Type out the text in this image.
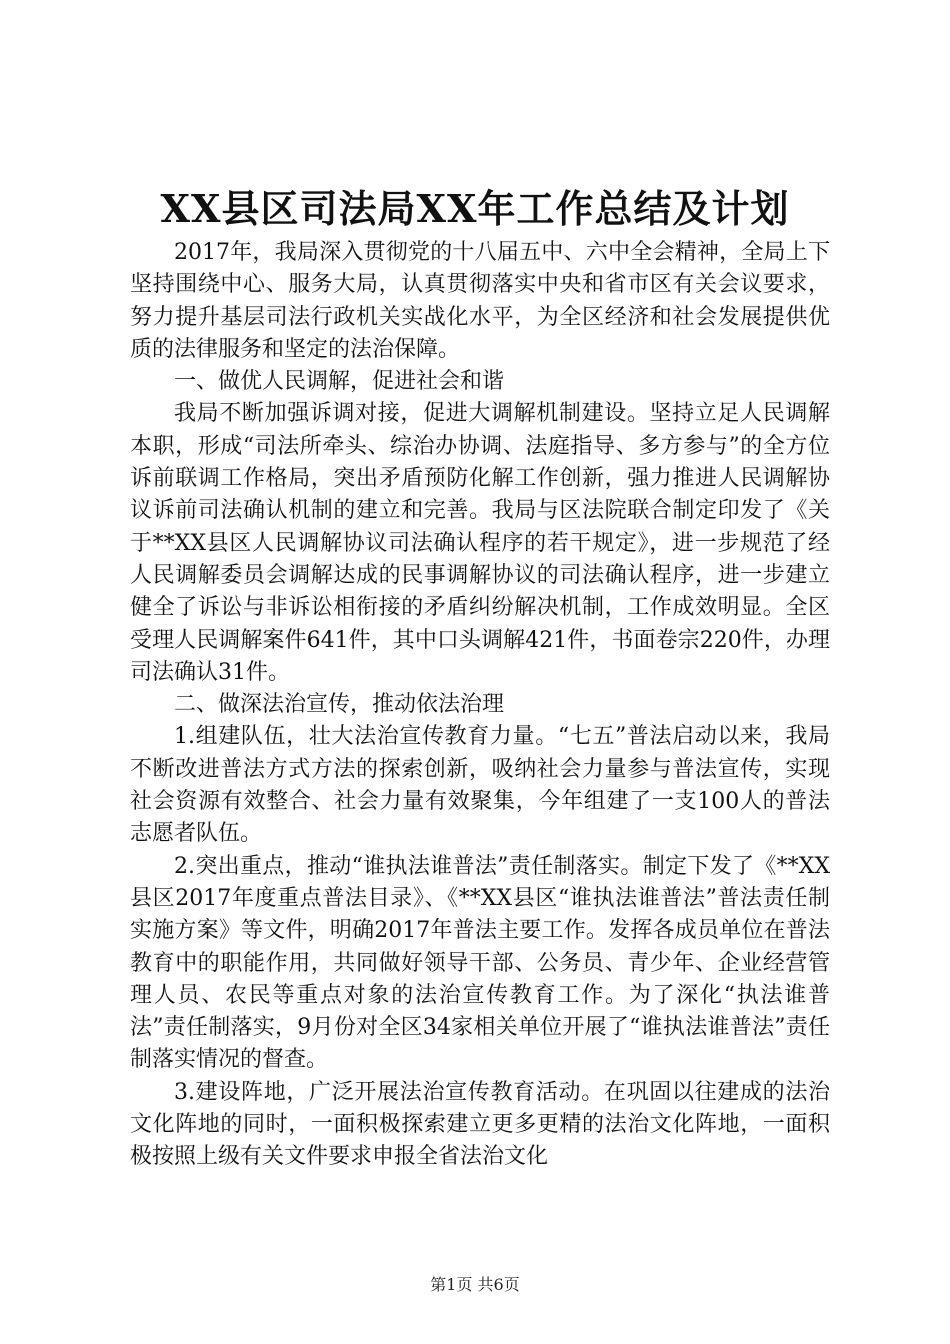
XX县区司法局XX年工作总结及计划

2017年，我局深入贯彻党的十八届五中、六中全会精神，全局上下坚持围绕中心、服务大局，认真贯彻落实中央和省市区有关会议要求，努力提升基层司法行政机关实战化水平，为全区经济和社会发展提供优质的法律服务和坚定的法治保障。

一、做优人民调解，促进社会和谐

我局不断加强诉调对接，促进大调解机制建设。坚持立足人民调解本职，形成“司法所牵头、综治办协调、法庭指导、多方参与”的全方位诉前联调工作格局，突出矛盾预防化解工作创新，强力推进人民调解协议诉前司法确认机制的建立和完善。我局与区法院联合制定印发了《关于**XX县区人民调解协议司法确认程序的若干规定》，进一步规范了经人民调解委员会调解达成的民事调解协议的司法确认程序，进一步建立健全了诉讼与非诉讼相衔接的矛盾纠纷解决机制，工作成效明显。全区受理人民调解案件641件，其中口头调解421件，书面卷宗220件，办理司法确认31件。

二、做深法治宣传，推动依法治理

1.组建队伍，壮大法治宣传教育力量。“七五”普法启动以来，我局不断改进普法方式方法的探索创新，吸纳社会力量参与普法宣传，实现社会资源有效整合、社会力量有效聚集，今年组建了一支100人的普法志愿者队伍。

2.突出重点，推动“谁执法谁普法”责任制落实。制定下发了《**XX县区2017年度重点普法目录》、《**XX县区“谁执法谁普法”普法责任制实施方案》等文件，明确2017年普法主要工作。发挥各成员单位在普法教育中的职能作用，共同做好领导干部、公务员、青少年、企业经营管理人员、农民等重点对象的法治宣传教育工作。为了深化“执法谁普法”责任制落实，9月份对全区34家相关单位开展了“谁执法谁普法”责任制落实情况的督查。

3.建设阵地，广泛开展法治宣传教育活动。在巩固以往建成的法治文化阵地的同时，一面积极探索建立更多更精的法治文化阵地，一面积极按照上级有关文件要求申报全省法治文化

第1页 共6页
